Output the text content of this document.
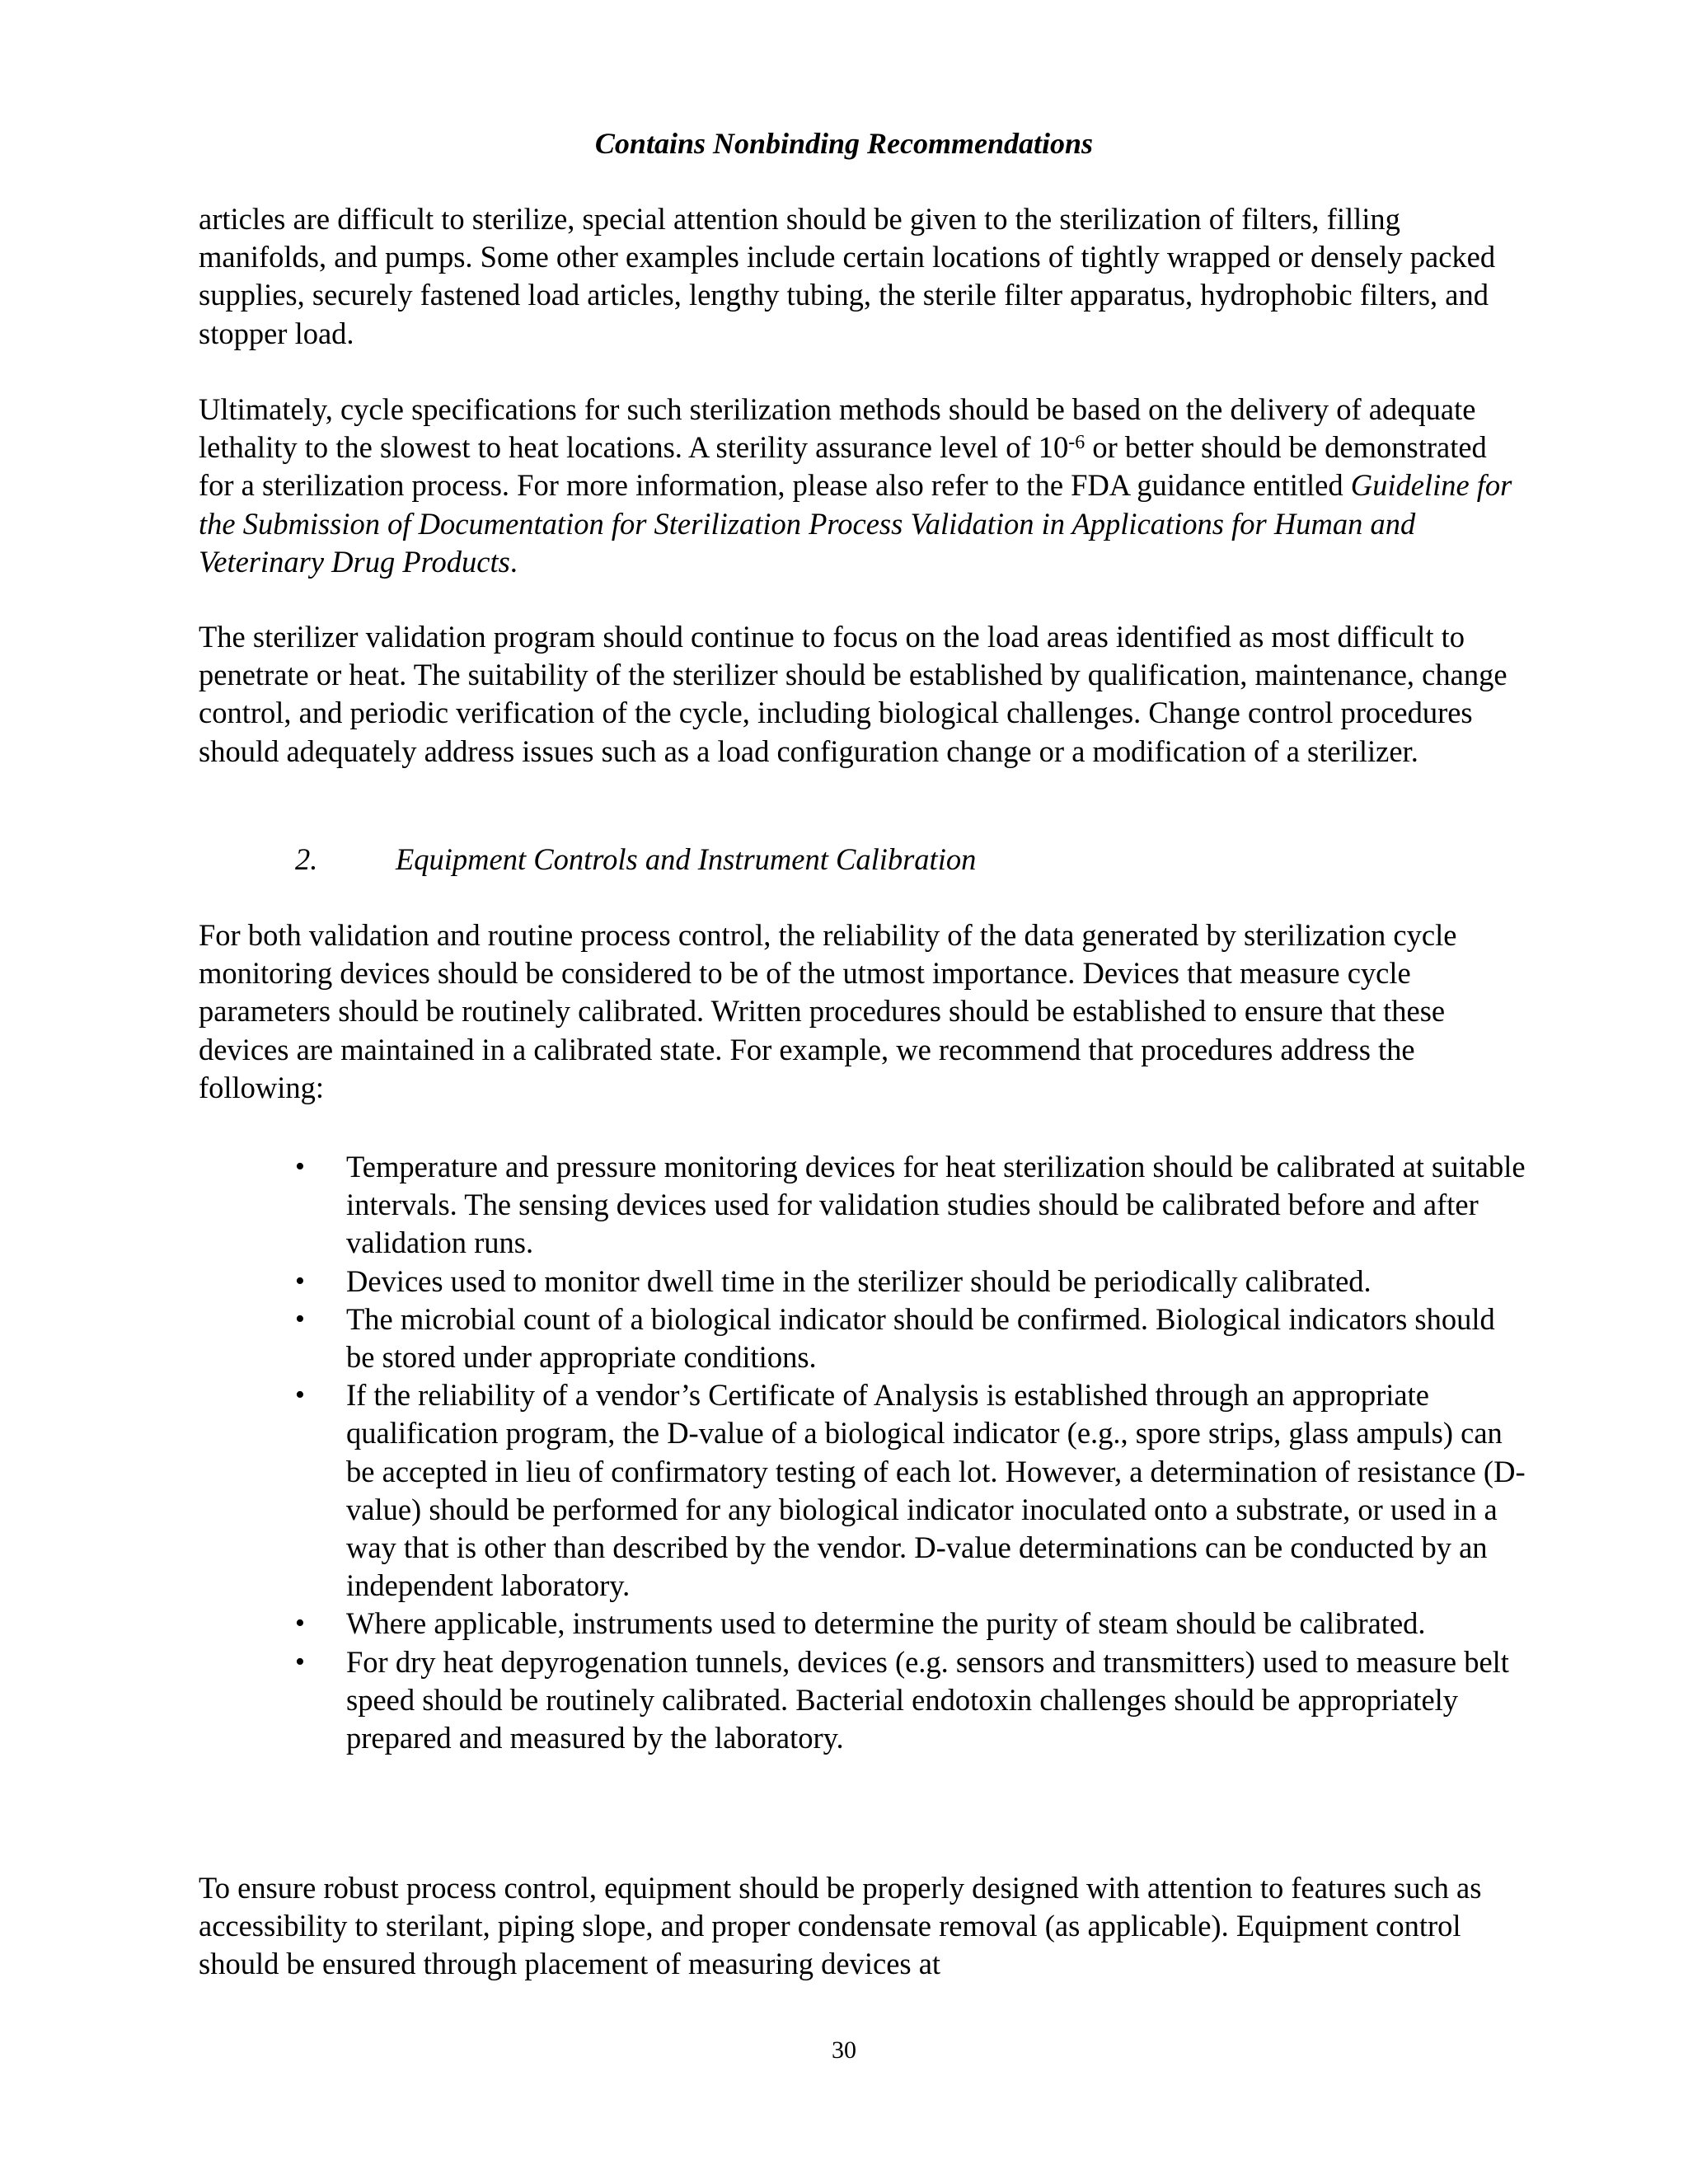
Contains Nonbinding Recommendations

articles are difficult to sterilize, special attention should be given to the sterilization of filters, filling manifolds, and pumps. Some other examples include certain locations of tightly wrapped or densely packed supplies, securely fastened load articles, lengthy tubing, the sterile filter apparatus, hydrophobic filters, and stopper load.

Ultimately, cycle specifications for such sterilization methods should be based on the delivery of adequate lethality to the slowest to heat locations. A sterility assurance level of $10^{-6}$ or better should be demonstrated for a sterilization process. For more information, please also refer to the FDA guidance entitled Guideline for the Submission of Documentation for Sterilization Process Validation in Applications for Human and Veterinary Drug Products.

The sterilizer validation program should continue to focus on the load areas identified as most difficult to penetrate or heat. The suitability of the sterilizer should be established by qualification, maintenance, change control, and periodic verification of the cycle, including biological challenges. Change control procedures should adequately address issues such as a load configuration change or a modification of a sterilizer.

2.	Equipment Controls and Instrument Calibration

For both validation and routine process control, the reliability of the data generated by sterilization cycle monitoring devices should be considered to be of the utmost importance. Devices that measure cycle parameters should be routinely calibrated. Written procedures should be established to ensure that these devices are maintained in a calibrated state. For example, we recommend that procedures address the following:

• Temperature and pressure monitoring devices for heat sterilization should be calibrated at suitable intervals. The sensing devices used for validation studies should be calibrated before and after validation runs.
• Devices used to monitor dwell time in the sterilizer should be periodically calibrated.
• The microbial count of a biological indicator should be confirmed. Biological indicators should be stored under appropriate conditions.
• If the reliability of a vendor’s Certificate of Analysis is established through an appropriate qualification program, the D-value of a biological indicator (e.g., spore strips, glass ampuls) can be accepted in lieu of confirmatory testing of each lot. However, a determination of resistance (D-value) should be performed for any biological indicator inoculated onto a substrate, or used in a way that is other than described by the vendor. D-value determinations can be conducted by an independent laboratory.
• Where applicable, instruments used to determine the purity of steam should be calibrated.
• For dry heat depyrogenation tunnels, devices (e.g. sensors and transmitters) used to measure belt speed should be routinely calibrated. Bacterial endotoxin challenges should be appropriately prepared and measured by the laboratory.

To ensure robust process control, equipment should be properly designed with attention to features such as accessibility to sterilant, piping slope, and proper condensate removal (as applicable). Equipment control should be ensured through placement of measuring devices at

30
